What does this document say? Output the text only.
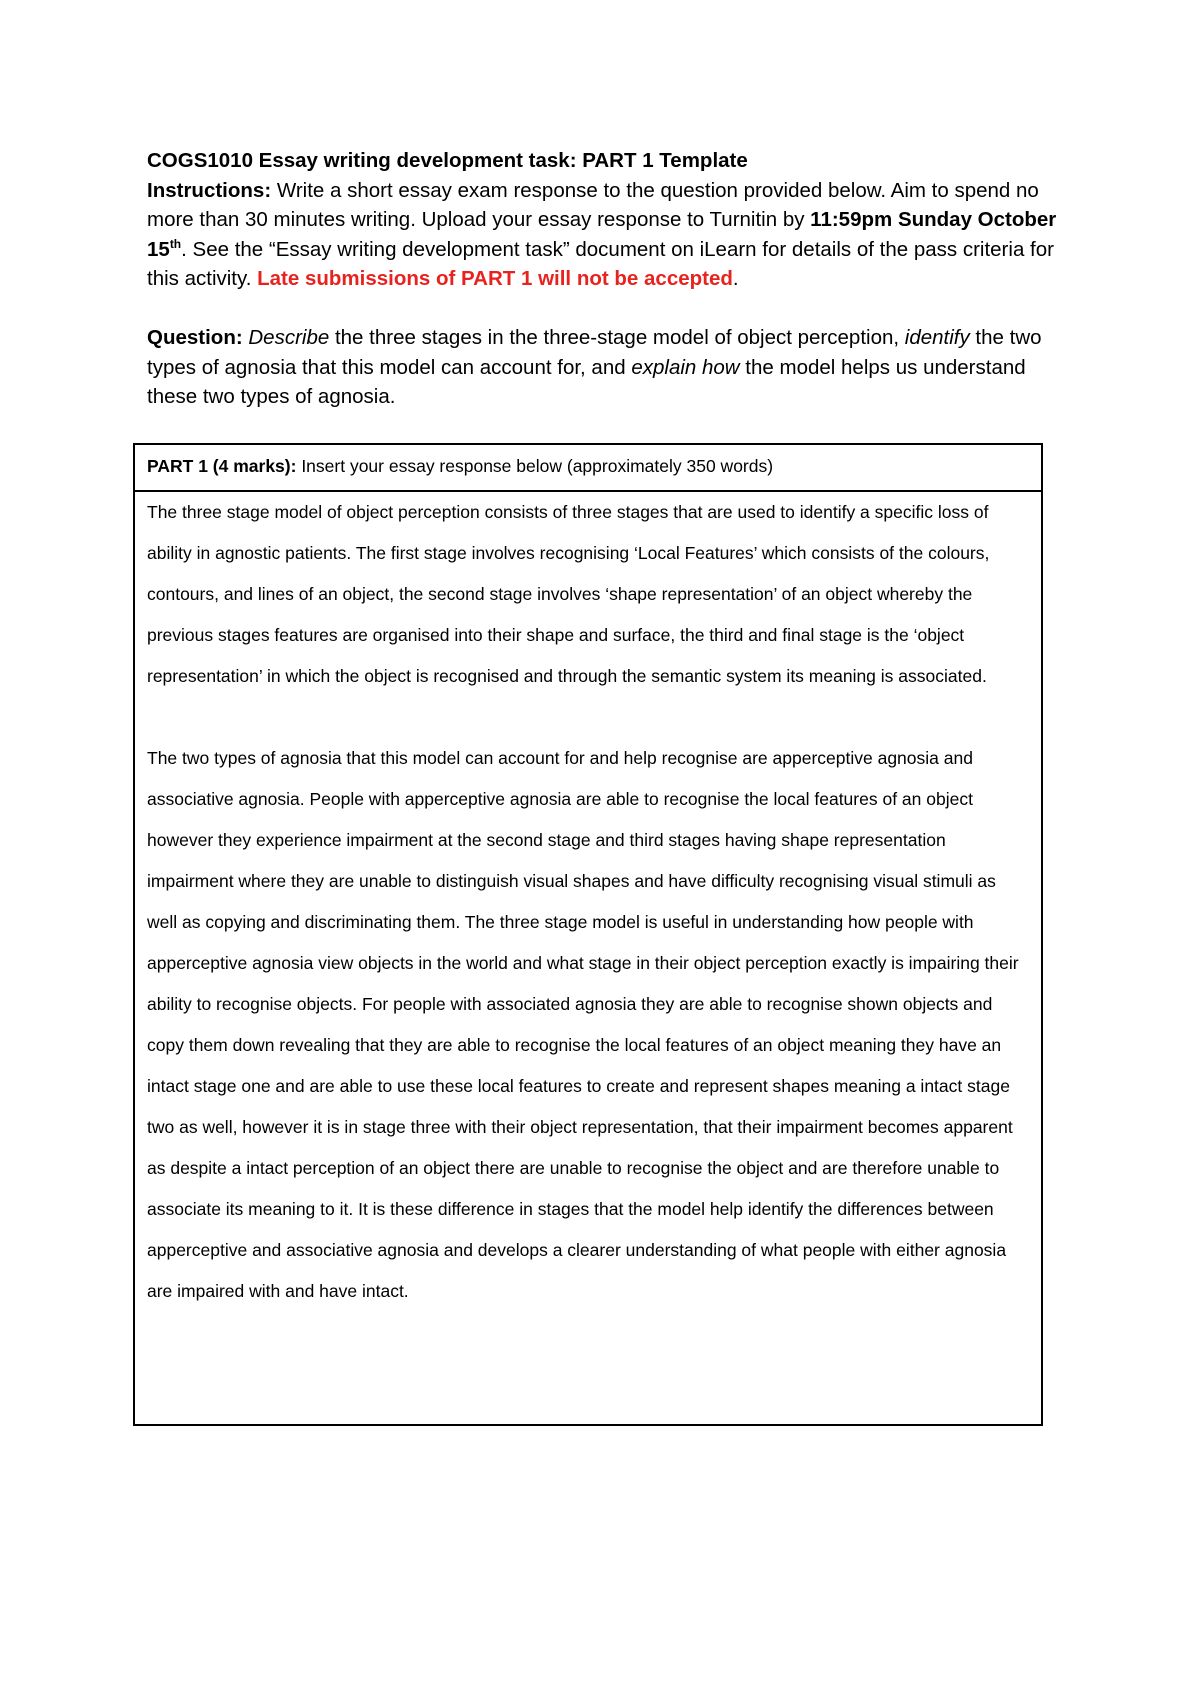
COGS1010 Essay writing development task: PART 1 Template
Instructions: Write a short essay exam response to the question provided below. Aim to spend no more than 30 minutes writing. Upload your essay response to Turnitin by 11:59pm Sunday October 15th. See the “Essay writing development task” document on iLearn for details of the pass criteria for this activity. Late submissions of PART 1 will not be accepted.
Question: Describe the three stages in the three-stage model of object perception, identify the two types of agnosia that this model can account for, and explain how the model helps us understand these two types of agnosia.
PART 1 (4 marks): Insert your essay response below (approximately 350 words)

The three stage model of object perception consists of three stages that are used to identify a specific loss of ability in agnostic patients. The first stage involves recognising ‘Local Features’ which consists of the colours, contours, and lines of an object, the second stage involves ‘shape representation’ of an object whereby the previous stages features are organised into their shape and surface, the third and final stage is the ‘object representation’ in which the object is recognised and through the semantic system its meaning is associated.

The two types of agnosia that this model can account for and help recognise are apperceptive agnosia and associative agnosia. People with apperceptive agnosia are able to recognise the local features of an object however they experience impairment at the second stage and third stages having shape representation impairment where they are unable to distinguish visual shapes and have difficulty recognising visual stimuli as well as copying and discriminating them. The three stage model is useful in understanding how people with apperceptive agnosia view objects in the world and what stage in their object perception exactly is impairing their ability to recognise objects. For people with associated agnosia they are able to recognise shown objects and copy them down revealing that they are able to recognise the local features of an object meaning they have an intact stage one and are able to use these local features to create and represent shapes meaning a intact stage two as well, however it is in stage three with their object representation, that their impairment becomes apparent as despite a intact perception of an object there are unable to recognise the object and are therefore unable to associate its meaning to it. It is these difference in stages that the model help identify the differences between apperceptive and associative agnosia and develops a clearer understanding of what people with either agnosia are impaired with and have intact.
